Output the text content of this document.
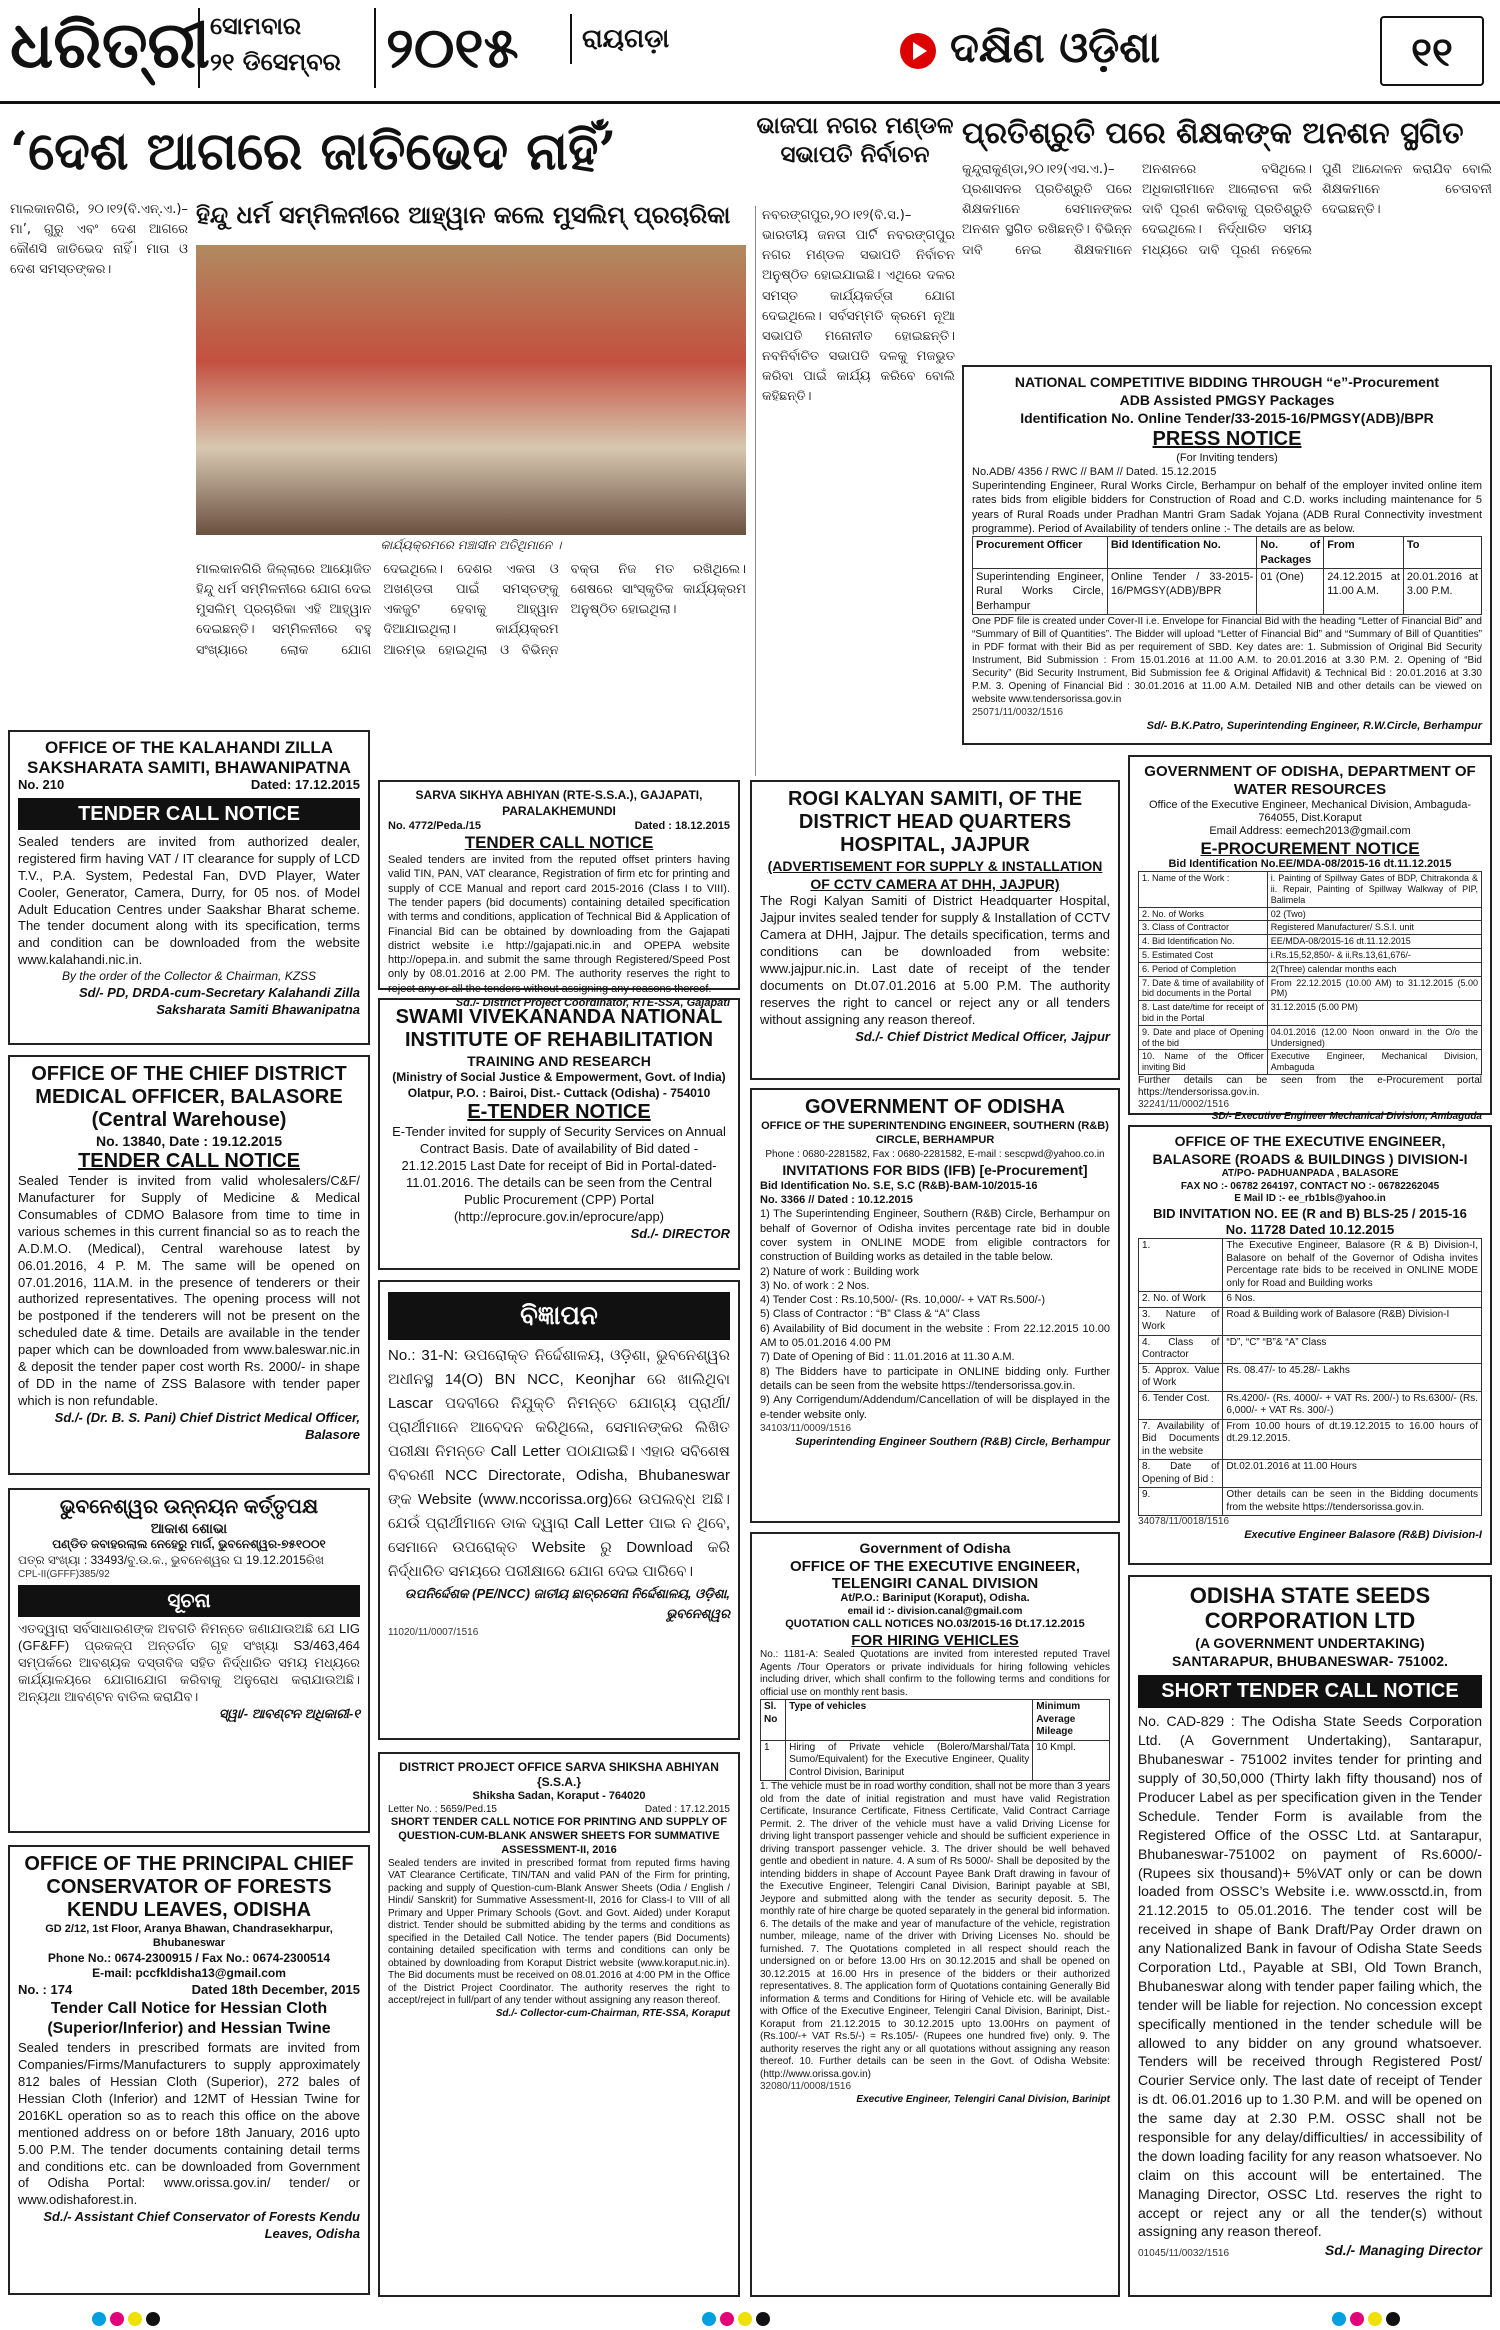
ଧରିତ୍ରୀ ସୋମବାର
୨୧ ଡିସେମ୍ବର ୨୦୧୫	ରାୟଗଡ଼ା	ଦକ୍ଷିଣ ଓଡ଼ିଶା	୧୧
‘ଦେଶ ଆଗରେ ଜାତିଭେଦ ନାହିଁ’
ମାଲକାନଗିରି, ୨୦।୧୨(ବି.ଏନ୍.ଏ.)– ମା’, ଗୁରୁ ଏବଂ ଦେଶ ଆଗରେ କୌଣସି ଜାତିଭେଦ ନାହିଁ। ମାତା ଓ ଦେଶ ସମସ୍ତଙ୍କର।
ହିନ୍ଦୁ ଧର୍ମ ସମ୍ମିଳନୀରେ ଆହ୍ୱାନ କଲେ ମୁସଲିମ୍ ପ୍ରଚାରିକା
କାର୍ଯ୍ୟକ୍ରମରେ ମଞ୍ଚାସୀନ ଅତିଥିମାନେ ।
ମାଲକାନଗିରି ଜିଲ୍ଲାରେ ଆୟୋଜିତ ହିନ୍ଦୁ ଧର୍ମ ସମ୍ମିଳନୀରେ ଯୋଗ ଦେଇ ମୁସଲିମ୍ ପ୍ରଚାରିକା ଏହି ଆହ୍ୱାନ ଦେଇଛନ୍ତି। ସମ୍ମିଳନୀରେ ବହୁ ସଂଖ୍ୟାରେ ଲୋକ ଯୋଗ ଦେଇଥିଲେ। ଦେଶର ଏକତା ଓ ଅଖଣ୍ଡତା ପାଇଁ ସମସ୍ତଙ୍କୁ ଏକଜୁଟ ହେବାକୁ ଆହ୍ୱାନ ଦିଆଯାଇଥିଲା। କାର୍ଯ୍ୟକ୍ରମ ଆରମ୍ଭ ହୋଇଥିଲା ଓ ବିଭିନ୍ନ ବକ୍ତା ନିଜ ମତ ରଖିଥିଲେ। ଶେଷରେ ସାଂସ୍କୃତିକ କାର୍ଯ୍ୟକ୍ରମ ଅନୁଷ୍ଠିତ ହୋଇଥିଲା।
ଭାଜପା ନଗର ମଣ୍ଡଳ ସଭାପତି ନିର୍ବାଚନ
ନବରଙ୍ଗପୁର,୨୦।୧୨(ବି.ସ.)– ଭାରତୀୟ ଜନତା ପାର୍ଟି ନବରଙ୍ଗପୁର ନଗର ମଣ୍ଡଳ ସଭାପତି ନିର୍ବାଚନ ଅନୁଷ୍ଠିତ ହୋଇଯାଇଛି। ଏଥିରେ ଦଳର ସମସ୍ତ କାର୍ଯ୍ୟକର୍ତ୍ତା ଯୋଗ ଦେଇଥିଲେ। ସର୍ବସମ୍ମତି କ୍ରମେ ନୂଆ ସଭାପତି ମନୋନୀତ ହୋଇଛନ୍ତି। ନବନିର୍ବାଚିତ ସଭାପତି ଦଳକୁ ମଜଭୁତ କରିବା ପାଇଁ କାର୍ଯ୍ୟ କରିବେ ବୋଲି କହିଛନ୍ତି।
ପ୍ରତିଶ୍ରୁତି ପରେ ଶିକ୍ଷକଙ୍କ ଅନଶନ ସ୍ଥଗିତ
କୁନ୍ଦୁରାକୁଣ୍ଡା,୨୦।୧୨(ଏସ.ଏ.)– ପ୍ରଶାସନର ପ୍ରତିଶ୍ରୁତି ପରେ ଶିକ୍ଷକମାନେ ସେମାନଙ୍କର ଅନଶନ ସ୍ଥଗିତ ରଖିଛନ୍ତି। ବିଭିନ୍ନ ଦାବି ନେଇ ଶିକ୍ଷକମାନେ ଅନଶନରେ ବସିଥିଲେ। ଅଧିକାରୀମାନେ ଆଲୋଚନା କରି ଦାବି ପୂରଣ କରିବାକୁ ପ୍ରତିଶ୍ରୁତି ଦେଇଥିଲେ। ନିର୍ଦ୍ଧାରିତ ସମୟ ମଧ୍ୟରେ ଦାବି ପୂରଣ ନହେଲେ ପୁଣି ଆନ୍ଦୋଳନ କରାଯିବ ବୋଲି ଶିକ୍ଷକମାନେ ଚେତାବନୀ ଦେଇଛନ୍ତି।
NATIONAL COMPETITIVE BIDDING THROUGH “e”-Procurement
ADB Assisted PMGSY Packages
Identification No. Online Tender/33-2015-16/PMGSY(ADB)/BPR
PRESS NOTICE
(For Inviting tenders)
No.ADB/ 4356 / RWC // BAM // Dated. 15.12.2015
Superintending Engineer, Rural Works Circle, Berhampur on behalf of the employer invited online item rates bids from eligible bidders for Construction of Road and C.D. works including maintenance for 5 years of Rural Roads under Pradhan Mantri Gram Sadak Yojana (ADB Rural Connectivity investment programme). Period of Availability of tenders online :- The details are as below.
Procurement Officer	Bid Identification No.	No. of Packages	From	To
Superintending Engineer, Rural Works Circle, Berhampur	Online Tender / 33-2015-16/PMGSY(ADB)/BPR	01 (One)	24.12.2015 at 11.00 A.M.	20.01.2016 at 3.00 P.M.
One PDF file is created under Cover-II i.e. Envelope for Financial Bid with the heading “Letter of Financial Bid” and “Summary of Bill of Quantities”. The Bidder will upload “Letter of Financial Bid” and “Summary of Bill of Quantities” in PDF format with their Bid as per requirement of SBD. Key dates are: 1. Submission of Original Bid Security Instrument, Bid Submission : From 15.01.2016 at 11.00 A.M. to 20.01.2016 at 3.30 P.M. 2. Opening of “Bid Security” (Bid Security Instrument, Bid Submission fee & Original Affidavit) & Technical Bid : 20.01.2016 at 3.30 P.M. 3. Opening of Financial Bid : 30.01.2016 at 11.00 A.M. Detailed NIB and other details can be viewed on website www.tendersorissa.gov.in
25071/11/0032/1516
Sd/- B.K.Patro, Superintending Engineer, R.W.Circle, Berhampur
OFFICE OF THE KALAHANDI ZILLA SAKSHARATA SAMITI, BHAWANIPATNA
No. 210	Dated: 17.12.2015
TENDER CALL NOTICE
Sealed tenders are invited from authorized dealer, registered firm having VAT / IT clearance for supply of LCD T.V., P.A. System, Pedestal Fan, DVD Player, Water Cooler, Generator, Camera, Durry, for 05 nos. of Model Adult Education Centres under Saakshar Bharat scheme. The tender document along with its specification, terms and condition can be downloaded from the website www.kalahandi.nic.in.
By the order of the Collector & Chairman, KZSS
Sd/- PD, DRDA-cum-Secretary Kalahandi Zilla Saksharata Samiti Bhawanipatna
OFFICE OF THE CHIEF DISTRICT MEDICAL OFFICER, BALASORE
(Central Warehouse)
No. 13840, Date : 19.12.2015
TENDER CALL NOTICE
Sealed Tender is invited from valid wholesalers/C&F/ Manufacturer for Supply of Medicine & Medical Consumables of CDMO Balasore from time to time in various schemes in this current financial so as to reach the A.D.M.O. (Medical), Central warehouse latest by 06.01.2016, 4 P. M. The same will be opened on 07.01.2016, 11A.M. in the presence of tenderers or their authorized representatives. The opening process will not be postponed if the tenderers will not be present on the scheduled date & time. Details are available in the tender paper which can be downloaded from www.baleswar.nic.in & deposit the tender paper cost worth Rs. 2000/- in shape of DD in the name of ZSS Balasore with tender paper which is non refundable.
Sd./- (Dr. B. S. Pani) Chief District Medical Officer, Balasore
ଭୁବନେଶ୍ୱର ଉନ୍ନୟନ କର୍ତ୍ତୃପକ୍ଷ
ଆକାଶ ଶୋଭା
ପଣ୍ଡିତ ଜବାହରଲାଲ ନେହେରୁ ମାର୍ଗ, ଭୁବନେଶ୍ୱର-୭୫୧୦୦୧
ପତ୍ର ସଂଖ୍ୟା : 33493/ବୁ.ଉ.କ., ଭୁବନେଶ୍ୱର ଘ 19.12.2015ରିଖ
CPL-II(GFFF)385/92
ସୂଚନା
ଏତଦ୍ୱାରା ସର୍ବସାଧାରଣଙ୍କ ଅବଗତି ନିମନ୍ତେ ଜଣାଯାଉଅଛି ଯେ LIG (GF&FF) ପ୍ରକଳ୍ପ ଅନ୍ତର୍ଗତ ଗୃହ ସଂଖ୍ୟା S3/463,464 ସମ୍ପର୍କରେ ଆବଶ୍ୟକ ଦସ୍ତାବିଜ ସହିତ ନିର୍ଦ୍ଧାରିତ ସମୟ ମଧ୍ୟରେ କାର୍ଯ୍ୟାଳୟରେ ଯୋଗାଯୋଗ କରିବାକୁ ଅନୁରୋଧ କରାଯାଉଅଛି। ଅନ୍ୟଥା ଆବଣ୍ଟନ ବାତିଲ କରାଯିବ।
ସ୍ୱା/- ଆବଣ୍ଟନ ଅଧିକାରୀ-୧
OFFICE OF THE PRINCIPAL CHIEF CONSERVATOR OF FORESTS KENDU LEAVES, ODISHA
GD 2/12, 1st Floor, Aranya Bhawan, Chandrasekharpur, Bhubaneswar
Phone No.: 0674-2300915 / Fax No.: 0674-2300514
E-mail: pccfkldisha13@gmail.com
No. : 174	Dated 18th December, 2015
Tender Call Notice for Hessian Cloth (Superior/Inferior) and Hessian Twine
Sealed tenders in prescribed formats are invited from Companies/Firms/Manufacturers to supply approximately 812 bales of Hessian Cloth (Superior), 272 bales of Hessian Cloth (Inferior) and 12MT of Hessian Twine for 2016KL operation so as to reach this office on the above mentioned address on or before 18th January, 2016 upto 5.00 P.M. The tender documents containing detail terms and conditions etc. can be downloaded from Government of Odisha Portal: www.orissa.gov.in/ tender/ or www.odishaforest.in.
Sd./- Assistant Chief Conservator of Forests Kendu Leaves, Odisha
SARVA SIKHYA ABHIYAN (RTE-S.S.A.), GAJAPATI, PARALAKHEMUNDI
No. 4772/Peda./15	Dated : 18.12.2015
TENDER CALL NOTICE
Sealed tenders are invited from the reputed offset printers having valid TIN, PAN, VAT clearance, Registration of firm etc for printing and supply of CCE Manual and report card 2015-2016 (Class I to VIII). The tender papers (bid documents) containing detailed specification with terms and conditions, application of Technical Bid & Application of Financial Bid can be obtained by downloading from the Gajapati district website i.e http://gajapati.nic.in and OPEPA website http://opepa.in. and submit the same through Registered/Speed Post only by 08.01.2016 at 2.00 PM. The authority reserves the right to reject any or all the tenders without assigning any reasons thereof.
Sd./- District Project Coordinator, RTE-SSA, Gajapati
SWAMI VIVEKANANDA NATIONAL INSTITUTE OF REHABILITATION
TRAINING AND RESEARCH
(Ministry of Social Justice & Empowerment, Govt. of India) Olatpur, P.O. : Bairoi, Dist.- Cuttack (Odisha) - 754010
E-TENDER NOTICE
E-Tender invited for supply of Security Services on Annual Contract Basis. Date of availability of Bid dated - 21.12.2015 Last Date for receipt of Bid in Portal-dated-11.01.2016. The details can be seen from the Central Public Procurement (CPP) Portal (http://eprocure.gov.in/eprocure/app)
Sd./- DIRECTOR
ବିଜ୍ଞାପନ
No.: 31-N: ଉପରୋକ୍ତ ନିର୍ଦ୍ଦେଶାଳୟ, ଓଡ଼ିଶା, ଭୁବନେଶ୍ୱର ଅଧୀନସ୍ଥ 14(O) BN NCC, Keonjhar ରେ ଖାଲିଥିବା Lascar ପଦବୀରେ ନିଯୁକ୍ତି ନିମନ୍ତେ ଯୋଗ୍ୟ ପ୍ରାର୍ଥୀ/ପ୍ରାର୍ଥୀମାନେ ଆବେଦନ କରିଥିଲେ, ସେମାନଙ୍କର ଲିଖିତ ପରୀକ୍ଷା ନିମନ୍ତେ Call Letter ପଠାଯାଇଛି। ଏହାର ସବିଶେଷ ବିବରଣୀ NCC Directorate, Odisha, Bhubaneswar ଙ୍କ Website (www.nccorissa.org)ରେ ଉପଲବ୍ଧ ଅଛି। ଯେଉଁ ପ୍ରାର୍ଥୀମାନେ ଡାକ ଦ୍ୱାରା Call Letter ପାଇ ନ ଥିବେ, ସେମାନେ ଉପରୋକ୍ତ Website ରୁ Download କରି ନିର୍ଦ୍ଧାରିତ ସମୟରେ ପରୀକ୍ଷାରେ ଯୋଗ ଦେଇ ପାରିବେ।
ଉପନିର୍ଦ୍ଦେଶକ (PE/NCC) ଜାତୀୟ ଛାତ୍ରସେନା ନିର୍ଦ୍ଦେଶାଳୟ, ଓଡ଼ିଶା, ଭୁବନେଶ୍ୱର
11020/11/0007/1516
DISTRICT PROJECT OFFICE SARVA SHIKSHA ABHIYAN {S.S.A.}
Shiksha Sadan, Koraput - 764020
Letter No. : 5659/Ped.15	Dated : 17.12.2015
SHORT TENDER CALL NOTICE FOR PRINTING AND SUPPLY OF QUESTION-CUM-BLANK ANSWER SHEETS FOR SUMMATIVE ASSESSMENT-II, 2016
Sealed tenders are invited in prescribed format from reputed firms having VAT Clearance Certificate, TIN/TAN and valid PAN of the Firm for printing, packing and supply of Question-cum-Blank Answer Sheets (Odia / English / Hindi/ Sanskrit) for Summative Assessment-II, 2016 for Class-I to VIII of all Primary and Upper Primary Schools (Govt. and Govt. Aided) under Koraput district. Tender should be submitted abiding by the terms and conditions as specified in the Detailed Call Notice. The tender papers (Bid Documents) containing detailed specification with terms and conditions can only be obtained by downloading from Koraput District website (www.koraput.nic.in). The Bid documents must be received on 08.01.2016 at 4:00 PM in the Office of the District Project Coordinator. The authority reserves the right to accept/reject in full/part of any tender without assigning any reason thereof.
Sd./- Collector-cum-Chairman, RTE-SSA, Koraput
ROGI KALYAN SAMITI, OF THE DISTRICT HEAD QUARTERS HOSPITAL, JAJPUR
(ADVERTISEMENT FOR SUPPLY & INSTALLATION OF CCTV CAMERA AT DHH, JAJPUR)
The Rogi Kalyan Samiti of District Headquarter Hospital, Jajpur invites sealed tender for supply & Installation of CCTV Camera at DHH, Jajpur. The details specification, terms and conditions can be downloaded from website: www.jajpur.nic.in. Last date of receipt of the tender documents on Dt.07.01.2016 at 5.00 P.M. The authority reserves the right to cancel or reject any or all tenders without assigning any reason thereof.
Sd./- Chief District Medical Officer, Jajpur
GOVERNMENT OF ODISHA
OFFICE OF THE SUPERINTENDING ENGINEER, SOUTHERN (R&B) CIRCLE, BERHAMPUR
Phone : 0680-2281582, Fax : 0680-2281582, E-mail : sescpwd@yahoo.co.in
INVITATIONS FOR BIDS (IFB) [e-Procurement]
Bid Identification No. S.E, S.C (R&B)-BAM-10/2015-16
No. 3366 // Dated : 10.12.2015
1) The Superintending Engineer, Southern (R&B) Circle, Berhampur on behalf of Governor of Odisha invites percentage rate bid in double cover system in ONLINE MODE from eligible contractors for construction of Building works as detailed in the table below.
2) Nature of work : Building work
3) No. of work : 2 Nos.
4) Tender Cost : Rs.10,500/- (Rs. 10,000/- + VAT Rs.500/-)
5) Class of Contractor : “B” Class & “A” Class
6) Availability of Bid document in the website : From 22.12.2015 10.00 AM to 05.01.2016 4.00 PM
7) Date of Opening of Bid : 11.01.2016 at 11.30 A.M.
8) The Bidders have to participate in ONLINE bidding only. Further details can be seen from the website https://tendersorissa.gov.in.
9) Any Corrigendum/Addendum/Cancellation of will be displayed in the e-tender website only.
34103/11/0009/1516
Superintending Engineer Southern (R&B) Circle, Berhampur
Government of Odisha
OFFICE OF THE EXECUTIVE ENGINEER, TELENGIRI CANAL DIVISION
At/P.O.: Bariniput (Koraput), Odisha.
email id :- division.canal@gmail.com
QUOTATION CALL NOTICES NO.03/2015-16 Dt.17.12.2015
FOR HIRING VEHICLES
No.: 1181-A: Sealed Quotations are invited from interested reputed Travel Agents /Tour Operators or private individuals for hiring following vehicles including driver, which shall confirm to the following terms and conditions for official use on monthly rent basis.
Sl. No	Type of vehicles	Minimum Average Mileage
1	Hiring of Private vehicle (Bolero/Marshal/Tata Sumo/Equivalent) for the Executive Engineer, Quality Control Division, Bariniput	10 Kmpl.
1. The vehicle must be in road worthy condition, shall not be more than 3 years old from the date of initial registration and must have valid Registration Certificate, Insurance Certificate, Fitness Certificate, Valid Contract Carriage Permit. 2. The driver of the vehicle must have a valid Driving License for driving light transport passenger vehicle and should be sufficient experience in driving transport passenger vehicle. 3. The driver should be well behaved gentle and obedient in nature. 4. A sum of Rs 5000/- Shall be deposited by the intending bidders in shape of Account Payee Bank Draft drawing in favour of the Executive Engineer, Telengiri Canal Division, Barinipt payable at SBI, Jeypore and submitted along with the tender as security deposit. 5. The monthly rate of hire charge be quoted separately in the general bid information. 6. The details of the make and year of manufacture of the vehicle, registration number, mileage, name of the driver with Driving Licenses No. should be furnished. 7. The Quotations completed in all respect should reach the undersigned on or before 13.00 Hrs on 30.12.2015 and shall be opened on 30.12.2015 at 16.00 Hrs in presence of the bidders or their authorized representatives. 8. The application form of Quotations containing Generally Bid information & terms and Conditions for Hiring of Vehicle etc. will be available with Office of the Executive Engineer, Telengiri Canal Division, Barinipt, Dist.- Koraput from 21.12.2015 to 30.12.2015 upto 13.00Hrs on payment of (Rs.100/-+ VAT Rs.5/-) = Rs.105/- (Rupees one hundred five) only. 9. The authority reserves the right any or all quotations without assigning any reason thereof. 10. Further details can be seen in the Govt. of Odisha Website: (http://www.orissa.gov.in)
32080/11/0008/1516
Executive Engineer, Telengiri Canal Division, Barinipt
GOVERNMENT OF ODISHA, DEPARTMENT OF WATER RESOURCES
Office of the Executive Engineer, Mechanical Division, Ambaguda-764055, Dist.Koraput
Email Address: eemech2013@gmail.com
E-PROCUREMENT NOTICE
Bid Identification No.EE/MDA-08/2015-16 dt.11.12.2015
1. Name of the Work :	i. Painting of Spillway Gates of BDP, Chitrakonda & ii. Repair, Painting of Spillway Walkway of PIP, Balimela
2. No. of Works	02 (Two)
3. Class of Contractor	Registered Manufacturer/ S.S.I. unit
4. Bid Identification No.	EE/MDA-08/2015-16 dt.11.12.2015
5. Estimated Cost	i.Rs.15,52,850/- & ii.Rs.13,61,676/-
6. Period of Completion	2(Three) calendar months each
7. Date & time of availability of bid documents in the Portal	From 22.12.2015 (10.00 AM) to 31.12.2015 (5.00 PM)
8. Last date/time for receipt of bid in the Portal	31.12.2015 (5.00 PM)
9. Date and place of Opening of the bid	04.01.2016 (12.00 Noon onward in the O/o the Undersigned)
10. Name of the Officer inviting Bid	Executive Engineer, Mechanical Division, Ambaguda
Further details can be seen from the e-Procurement portal https://tendersorissa.gov.in.
32241/11/0002/1516
SD/- Executive Engineer Mechanical Division, Ambaguda
OFFICE OF THE EXECUTIVE ENGINEER, BALASORE (ROADS & BUILDINGS ) DIVISION-I
AT/PO- PADHUANPADA , BALASORE
FAX NO :- 06782 264197, CONTACT NO :- 06782262045
E Mail ID :- ee_rb1bls@yahoo.in
BID INVITATION NO. EE (R and B) BLS-25 / 2015-16
No. 11728 Dated 10.12.2015
1.	The Executive Engineer, Balasore (R & B) Division-I, Balasore on behalf of the Governor of Odisha invites Percentage rate bids to be received in ONLINE MODE only for Road and Building works
2. No. of Work	6 Nos.
3. Nature of Work	Road & Building work of Balasore (R&B) Division-I
4. Class of Contractor	“D”, “C” “B”& “A” Class
5. Approx. Value of Work	Rs. 08.47/- to 45.28/- Lakhs
6. Tender Cost.	Rs.4200/- (Rs. 4000/- + VAT Rs. 200/-) to Rs.6300/- (Rs. 6,000/- + VAT Rs. 300/-)
7. Availability of Bid Documents in the website	From 10.00 hours of dt.19.12.2015 to 16.00 hours of dt.29.12.2015.
8. Date of Opening of Bid :	Dt.02.01.2016 at 11.00 Hours
9.	Other details can be seen in the Bidding documents from the website https://tendersorissa.gov.in.
34078/11/0018/1516
Executive Engineer Balasore (R&B) Division-I
ODISHA STATE SEEDS CORPORATION LTD
(A GOVERNMENT UNDERTAKING)
SANTARAPUR, BHUBANESWAR- 751002.
SHORT TENDER CALL NOTICE
No. CAD-829 : The Odisha State Seeds Corporation Ltd. (A Government Undertaking), Santarapur, Bhubaneswar - 751002 invites tender for printing and supply of 30,50,000 (Thirty lakh fifty thousand) nos of Producer Label as per specification given in the Tender Schedule. Tender Form is available from the Registered Office of the OSSC Ltd. at Santarapur, Bhubaneswar-751002 on payment of Rs.6000/- (Rupees six thousand)+ 5%VAT only or can be down loaded from OSSC’s Website i.e. www.ossctd.in, from 21.12.2015 to 05.01.2016. The tender cost will be received in shape of Bank Draft/Pay Order drawn on any Nationalized Bank in favour of Odisha State Seeds Corporation Ltd., Payable at SBI, Old Town Branch, Bhubaneswar along with tender paper failing which, the tender will be liable for rejection. No concession except specifically mentioned in the tender schedule will be allowed to any bidder on any ground whatsoever. Tenders will be received through Registered Post/ Courier Service only. The last date of receipt of Tender is dt. 06.01.2016 up to 1.30 P.M. and will be opened on the same day at 2.30 P.M. OSSC shall not be responsible for any delay/difficulties/ in accessibility of the down loading facility for any reason whatsoever. No claim on this account will be entertained. The Managing Director, OSSC Ltd. reserves the right to accept or reject any or all the tender(s) without assigning any reason thereof.
01045/11/0032/1516	Sd./- Managing Director
